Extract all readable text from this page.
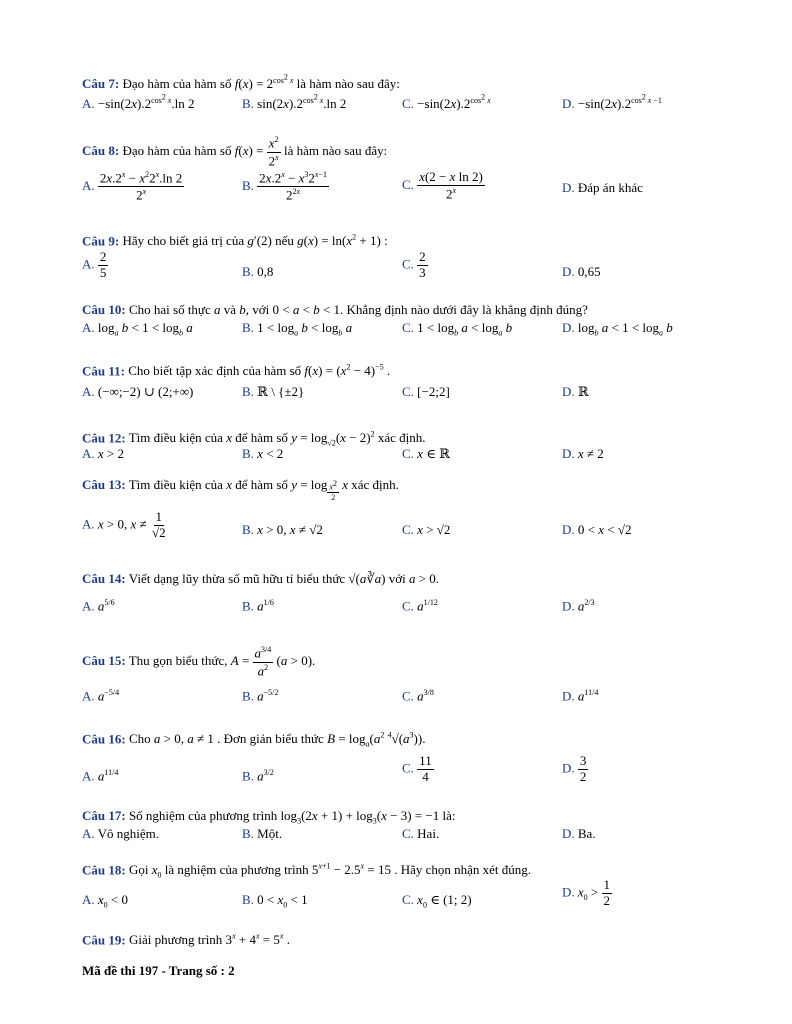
Câu 7: Đạo hàm của hàm số $f(x) = 2^{cos^2 x}$ là hàm nào sau đây:
A. $-\sin(2x).2^{cos^2 x}.\ln$ 2	B. $\sin(2x).2^{cos^2 x}.\ln$ 2	C. $-\sin(2x).2^{cos^2 x}$	D. $-\sin(2x).2^{cos^2 x -1}$
Câu 8: Đạo hàm của hàm số $f(x) = \frac{x^2}{2^x}$ là hàm nào sau đây:
A. $\frac{2x.2^x - x^22^x.\ln 2}{2^x}$	B. $\frac{2x.2^x - x^32^{x-1}}{2^{2x}}$	C. $\frac{\text{x(2 − x ln 2)}}{2^x}$	D. Đáp án khác
Câu 9: Hãy cho biết giá trị của g′(2) nếu $g(x) = \ln(x^2 + 1)$ :
A. $\frac{2}{5}$	B. 0,8
C. $\frac{2}{3}$	D. 0,65
Câu 10: Cho hai số thực a và b, với 0 < a < b < 1. Khẳng định nào dưới đây là khẳng định đúng?
A. $\log_a b < 1 < \log_b a$	B. $1 < \log_a b < \log_b a$	C. $1 < \log_b a < \log_a b$	D. $\log_b a < 1 < \log_a b$
Câu 11: Cho biết tập xác định của hàm số $f(x) = (x^2 - 4)^{-5}$ .
A. (−∞;−2) ∪ (2;+∞)	B. ℝ \ {±2}	C. [−2;2]	D. ℝ
Câu 12: Tìm điều kiện của x để hàm số $y = \log_{√2}(x - 2)^2$ xác định.
A. x > 2	B. x < 2	C. x ∈ ℝ	D. x ≠ 2
Câu 13: Tìm điều kiện của x để hàm số y = log $_{\frac{x^2}{2}}$ x xác định.
A. x > 0, $x \ne \frac{1}{√2}$	B. x > 0, x ≠ √2	C. x > √2	D. 0 < x < √2
Câu 14: Viết dạng lũy thừa số mũ hữu tỉ biểu thức √(a∛a) với a > 0.
A. $a^{5/6}$	B. $a^{1/6}$	C. $a^{1/12}$	D. $a^{2/3}$
Câu 15: Thu gọn biểu thức, $A = \frac{a^{3/4}}{a^2} (a > 0)$.
A. $a^{-5/4}$	B. $a^{-5/2}$	C. $a^{3/8}$	D. $a^{11/4}$
Câu 16: Cho a > 0, a ≠ 1 . Đơn giản biểu thức $B = \log_a(a^2$ $^4√(a^3)$).
A. $a^{11/4}$	B. $a^{3/2}$	C. $\frac{11}{4}$	D. $\frac{3}{2}$
Câu 17: Số nghiệm của phương trình $\log_3(2x + 1) + \log_3(x - 3) = -1$ là:
A. Vô nghiệm.	B. Một.	C. Hai.	D. Ba.
Câu 18: Gọi $x_0$ là nghiệm của phương trình $5^{x+1} - 2.5^x = 15$ . Hãy chọn nhận xét đúng.
A. $x_0 < 0$	B. $0 < x_0 < 1$	C. $x_0$ ∈ (1; 2)
D. $x_0 > \frac{1}{2}$
Câu 19: Giải phương trình $3^x + 4^x = 5^x$ .
Mã đề thi 197 - Trang số : 2
